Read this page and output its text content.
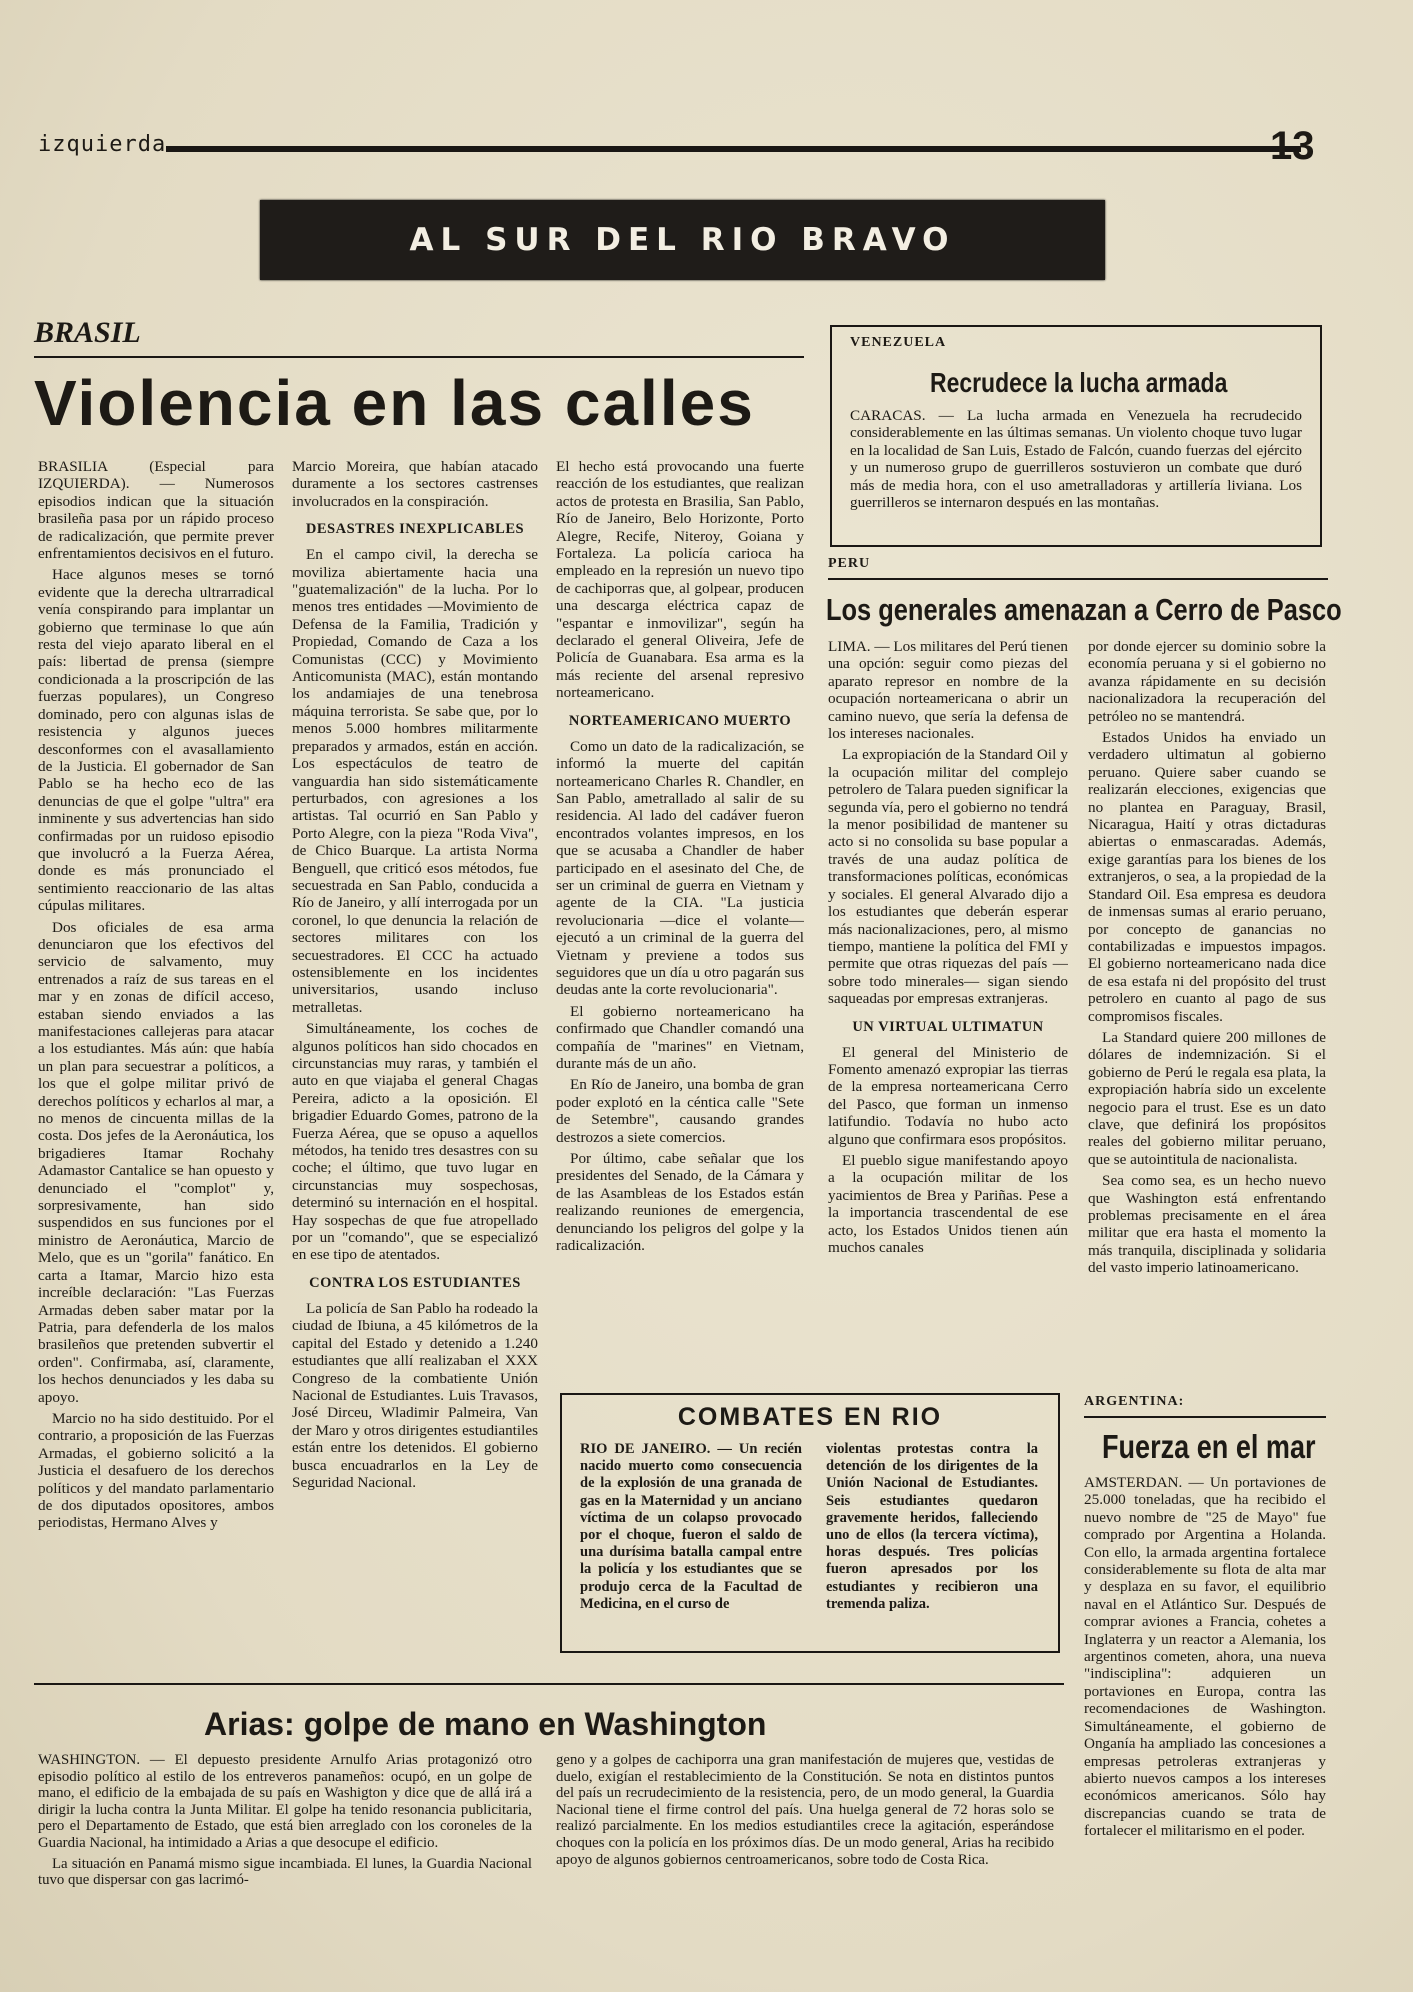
izquierda	13
AL SUR DEL RIO BRAVO
BRASIL
Violencia en las calles

BRASILIA (Especial para IZQUIERDA). — Numerosos episodios indican que la situación brasileña pasa por un rápido proceso de radicalización, que permite prever enfrentamientos decisivos en el futuro.

Hace algunos meses se tornó evidente que la derecha ultrarradical venía conspirando para implantar un gobierno que terminase lo que aún resta del viejo aparato liberal en el país: libertad de prensa (siempre condicionada a la proscripción de las fuerzas populares), un Congreso dominado, pero con algunas islas de resistencia y algunos jueces desconformes con el avasallamiento de la Justicia. El gobernador de San Pablo se ha hecho eco de las denuncias de que el golpe "ultra" era inminente y sus advertencias han sido confirmadas por un ruidoso episodio que involucró a la Fuerza Aérea, donde es más pronunciado el sentimiento reaccionario de las altas cúpulas militares.

Dos oficiales de esa arma denunciaron que los efectivos del servicio de salvamento, muy entrenados a raíz de sus tareas en el mar y en zonas de difícil acceso, estaban siendo enviados a las manifestaciones callejeras para atacar a los estudiantes. Más aún: que había un plan para secuestrar a políticos, a los que el golpe militar privó de derechos políticos y echarlos al mar, a no menos de cincuenta millas de la costa. Dos jefes de la Aeronáutica, los brigadieres Itamar Rochahy Adamastor Cantalice se han opuesto y denunciado el "complot" y, sorpresivamente, han sido suspendidos en sus funciones por el ministro de Aeronáutica, Marcio de Melo, que es un "gorila" fanático. En carta a Itamar, Marcio hizo esta increíble declaración: "Las Fuerzas Armadas deben saber matar por la Patria, para defenderla de los malos brasileños que pretenden subvertir el orden". Confirmaba, así, claramente, los hechos denunciados y les daba su apoyo.

Marcio no ha sido destituido. Por el contrario, a proposición de las Fuerzas Armadas, el gobierno solicitó a la Justicia el desafuero de los derechos políticos y del mandato parlamentario de dos diputados opositores, ambos periodistas, Hermano Alves y

Marcio Moreira, que habían atacado duramente a los sectores castrenses involucrados en la conspiración.

DESASTRES INEXPLICABLES

En el campo civil, la derecha se moviliza abiertamente hacia una "guatemalización" de la lucha. Por lo menos tres entidades —Movimiento de Defensa de la Familia, Tradición y Propiedad, Comando de Caza a los Comunistas (CCC) y Movimiento Anticomunista (MAC), están montando los andamiajes de una tenebrosa máquina terrorista. Se sabe que, por lo menos 5.000 hombres militarmente preparados y armados, están en acción. Los espectáculos de teatro de vanguardia han sido sistemáticamente perturbados, con agresiones a los artistas. Tal ocurrió en San Pablo y Porto Alegre, con la pieza "Roda Viva", de Chico Buarque. La artista Norma Benguell, que criticó esos métodos, fue secuestrada en San Pablo, conducida a Río de Janeiro, y allí interrogada por un coronel, lo que denuncia la relación de sectores militares con los secuestradores. El CCC ha actuado ostensiblemente en los incidentes universitarios, usando incluso metralletas.

Simultáneamente, los coches de algunos políticos han sido chocados en circunstancias muy raras, y también el auto en que viajaba el general Chagas Pereira, adicto a la oposición. El brigadier Eduardo Gomes, patrono de la Fuerza Aérea, que se opuso a aquellos métodos, ha tenido tres desastres con su coche; el último, que tuvo lugar en circunstancias muy sospechosas, determinó su internación en el hospital. Hay sospechas de que fue atropellado por un "comando", que se especializó en ese tipo de atentados.

CONTRA LOS ESTUDIANTES

La policía de San Pablo ha rodeado la ciudad de Ibiuna, a 45 kilómetros de la capital del Estado y detenido a 1.240 estudiantes que allí realizaban el XXX Congreso de la combatiente Unión Nacional de Estudiantes. Luis Travasos, José Dirceu, Wladimir Palmeira, Van der Maro y otros dirigentes estudiantiles están entre los detenidos. El gobierno busca encuadrarlos en la Ley de Seguridad Nacional.

El hecho está provocando una fuerte reacción de los estudiantes, que realizan actos de protesta en Brasilia, San Pablo, Río de Janeiro, Belo Horizonte, Porto Alegre, Recife, Niteroy, Goiana y Fortaleza. La policía carioca ha empleado en la represión un nuevo tipo de cachiporras que, al golpear, producen una descarga eléctrica capaz de "espantar e inmovilizar", según ha declarado el general Oliveira, Jefe de Policía de Guanabara. Esa arma es la más reciente del arsenal represivo norteamericano.

NORTEAMERICANO MUERTO

Como un dato de la radicalización, se informó la muerte del capitán norteamericano Charles R. Chandler, en San Pablo, ametrallado al salir de su residencia. Al lado del cadáver fueron encontrados volantes impresos, en los que se acusaba a Chandler de haber participado en el asesinato del Che, de ser un criminal de guerra en Vietnam y agente de la CIA. "La justicia revolucionaria —dice el volante— ejecutó a un criminal de la guerra del Vietnam y previene a todos sus seguidores que un día u otro pagarán sus deudas ante la corte revolucionaria".

El gobierno norteamericano ha confirmado que Chandler comandó una compañía de "marines" en Vietnam, durante más de un año.

En Río de Janeiro, una bomba de gran poder explotó en la céntica calle "Sete de Setembre", causando grandes destrozos a siete comercios.

Por último, cabe señalar que los presidentes del Senado, de la Cámara y de las Asambleas de los Estados están realizando reuniones de emergencia, denunciando los peligros del golpe y la radicalización.

VENEZUELA
Recrudece la lucha armada
CARACAS. — La lucha armada en Venezuela ha recrudecido considerablemente en las últimas semanas. Un violento choque tuvo lugar en la localidad de San Luis, Estado de Falcón, cuando fuerzas del ejército y un numeroso grupo de guerrilleros sostuvieron un combate que duró más de media hora, con el uso ametralladoras y artillería liviana. Los guerrilleros se internaron después en las montañas.
PERU
Los generales amenazan a Cerro de Pasco

LIMA. — Los militares del Perú tienen una opción: seguir como piezas del aparato represor en nombre de la ocupación norteamericana o abrir un camino nuevo, que sería la defensa de los intereses nacionales.

La expropiación de la Standard Oil y la ocupación militar del complejo petrolero de Talara pueden significar la segunda vía, pero el gobierno no tendrá la menor posibilidad de mantener su acto si no consolida su base popular a través de una audaz política de transformaciones políticas, económicas y sociales. El general Alvarado dijo a los estudiantes que deberán esperar más nacionalizaciones, pero, al mismo tiempo, mantiene la política del FMI y permite que otras riquezas del país —sobre todo minerales— sigan siendo saqueadas por empresas extranjeras.

UN VIRTUAL ULTIMATUN

El general del Ministerio de Fomento amenazó expropiar las tierras de la empresa norteamericana Cerro del Pasco, que forman un inmenso latifundio. Todavía no hubo acto alguno que confirmara esos propósitos.

El pueblo sigue manifestando apoyo a la ocupación militar de los yacimientos de Brea y Pariñas. Pese a la importancia trascendental de ese acto, los Estados Unidos tienen aún muchos canales

por donde ejercer su dominio sobre la economía peruana y si el gobierno no avanza rápidamente en su decisión nacionalizadora la recuperación del petróleo no se mantendrá.

Estados Unidos ha enviado un verdadero ultimatun al gobierno peruano. Quiere saber cuando se realizarán elecciones, exigencias que no plantea en Paraguay, Brasil, Nicaragua, Haití y otras dictaduras abiertas o enmascaradas. Además, exige garantías para los bienes de los extranjeros, o sea, a la propiedad de la Standard Oil. Esa empresa es deudora de inmensas sumas al erario peruano, por concepto de ganancias no contabilizadas e impuestos impagos. El gobierno norteamericano nada dice de esa estafa ni del propósito del trust petrolero en cuanto al pago de sus compromisos fiscales.

La Standard quiere 200 millones de dólares de indemnización. Si el gobierno de Perú le regala esa plata, la expropiación habría sido un excelente negocio para el trust. Ese es un dato clave, que definirá los propósitos reales del gobierno militar peruano, que se autointitula de nacionalista.

Sea como sea, es un hecho nuevo que Washington está enfrentando problemas precisamente en el área militar que era hasta el momento la más tranquila, disciplinada y solidaria del vasto imperio latinoamericano.

COMBATES EN RIO
RIO DE JANEIRO. — Un recién nacido muerto como consecuencia de la explosión de una granada de gas en la Maternidad y un anciano víctima de un colapso provocado por el choque, fueron el saldo de una durísima batalla campal entre la policía y los estudiantes que se produjo cerca de la Facultad de Medicina, en el curso de
violentas protestas contra la detención de los dirigentes de la Unión Nacional de Estudiantes. Seis estudiantes quedaron gravemente heridos, falleciendo uno de ellos (la tercera víctima), horas después. Tres policías fueron apresados por los estudiantes y recibieron una tremenda paliza.
ARGENTINA:
Fuerza en el mar
AMSTERDAN. — Un portaviones de 25.000 toneladas, que ha recibido el nuevo nombre de "25 de Mayo" fue comprado por Argentina a Holanda. Con ello, la armada argentina fortalece considerablemente su flota de alta mar y desplaza en su favor, el equilibrio naval en el Atlántico Sur. Después de comprar aviones a Francia, cohetes a Inglaterra y un reactor a Alemania, los argentinos cometen, ahora, una nueva "indisciplina": adquieren un portaviones en Europa, contra las recomendaciones de Washington. Simultáneamente, el gobierno de Onganía ha ampliado las concesiones a empresas petroleras extranjeras y abierto nuevos campos a los intereses económicos americanos. Sólo hay discrepancias cuando se trata de fortalecer el militarismo en el poder.
Arias: golpe de mano en Washington

WASHINGTON. — El depuesto presidente Arnulfo Arias protagonizó otro episodio político al estilo de los entreveros panameños: ocupó, en un golpe de mano, el edificio de la embajada de su país en Washigton y dice que de allá irá a dirigir la lucha contra la Junta Militar. El golpe ha tenido resonancia publicitaria, pero el Departamento de Estado, que está bien arreglado con los coroneles de la Guardia Nacional, ha intimidado a Arias a que desocupe el edificio.

La situación en Panamá mismo sigue incambiada. El lunes, la Guardia Nacional tuvo que dispersar con gas lacrimó-

geno y a golpes de cachiporra una gran manifestación de mujeres que, vestidas de duelo, exigían el restablecimiento de la Constitución. Se nota en distintos puntos del país un recrudecimiento de la resistencia, pero, de un modo general, la Guardia Nacional tiene el firme control del país. Una huelga general de 72 horas solo se realizó parcialmente. En los medios estudiantiles crece la agitación, esperándose choques con la policía en los próximos días. De un modo general, Arias ha recibido apoyo de algunos gobiernos centroamericanos, sobre todo de Costa Rica.
